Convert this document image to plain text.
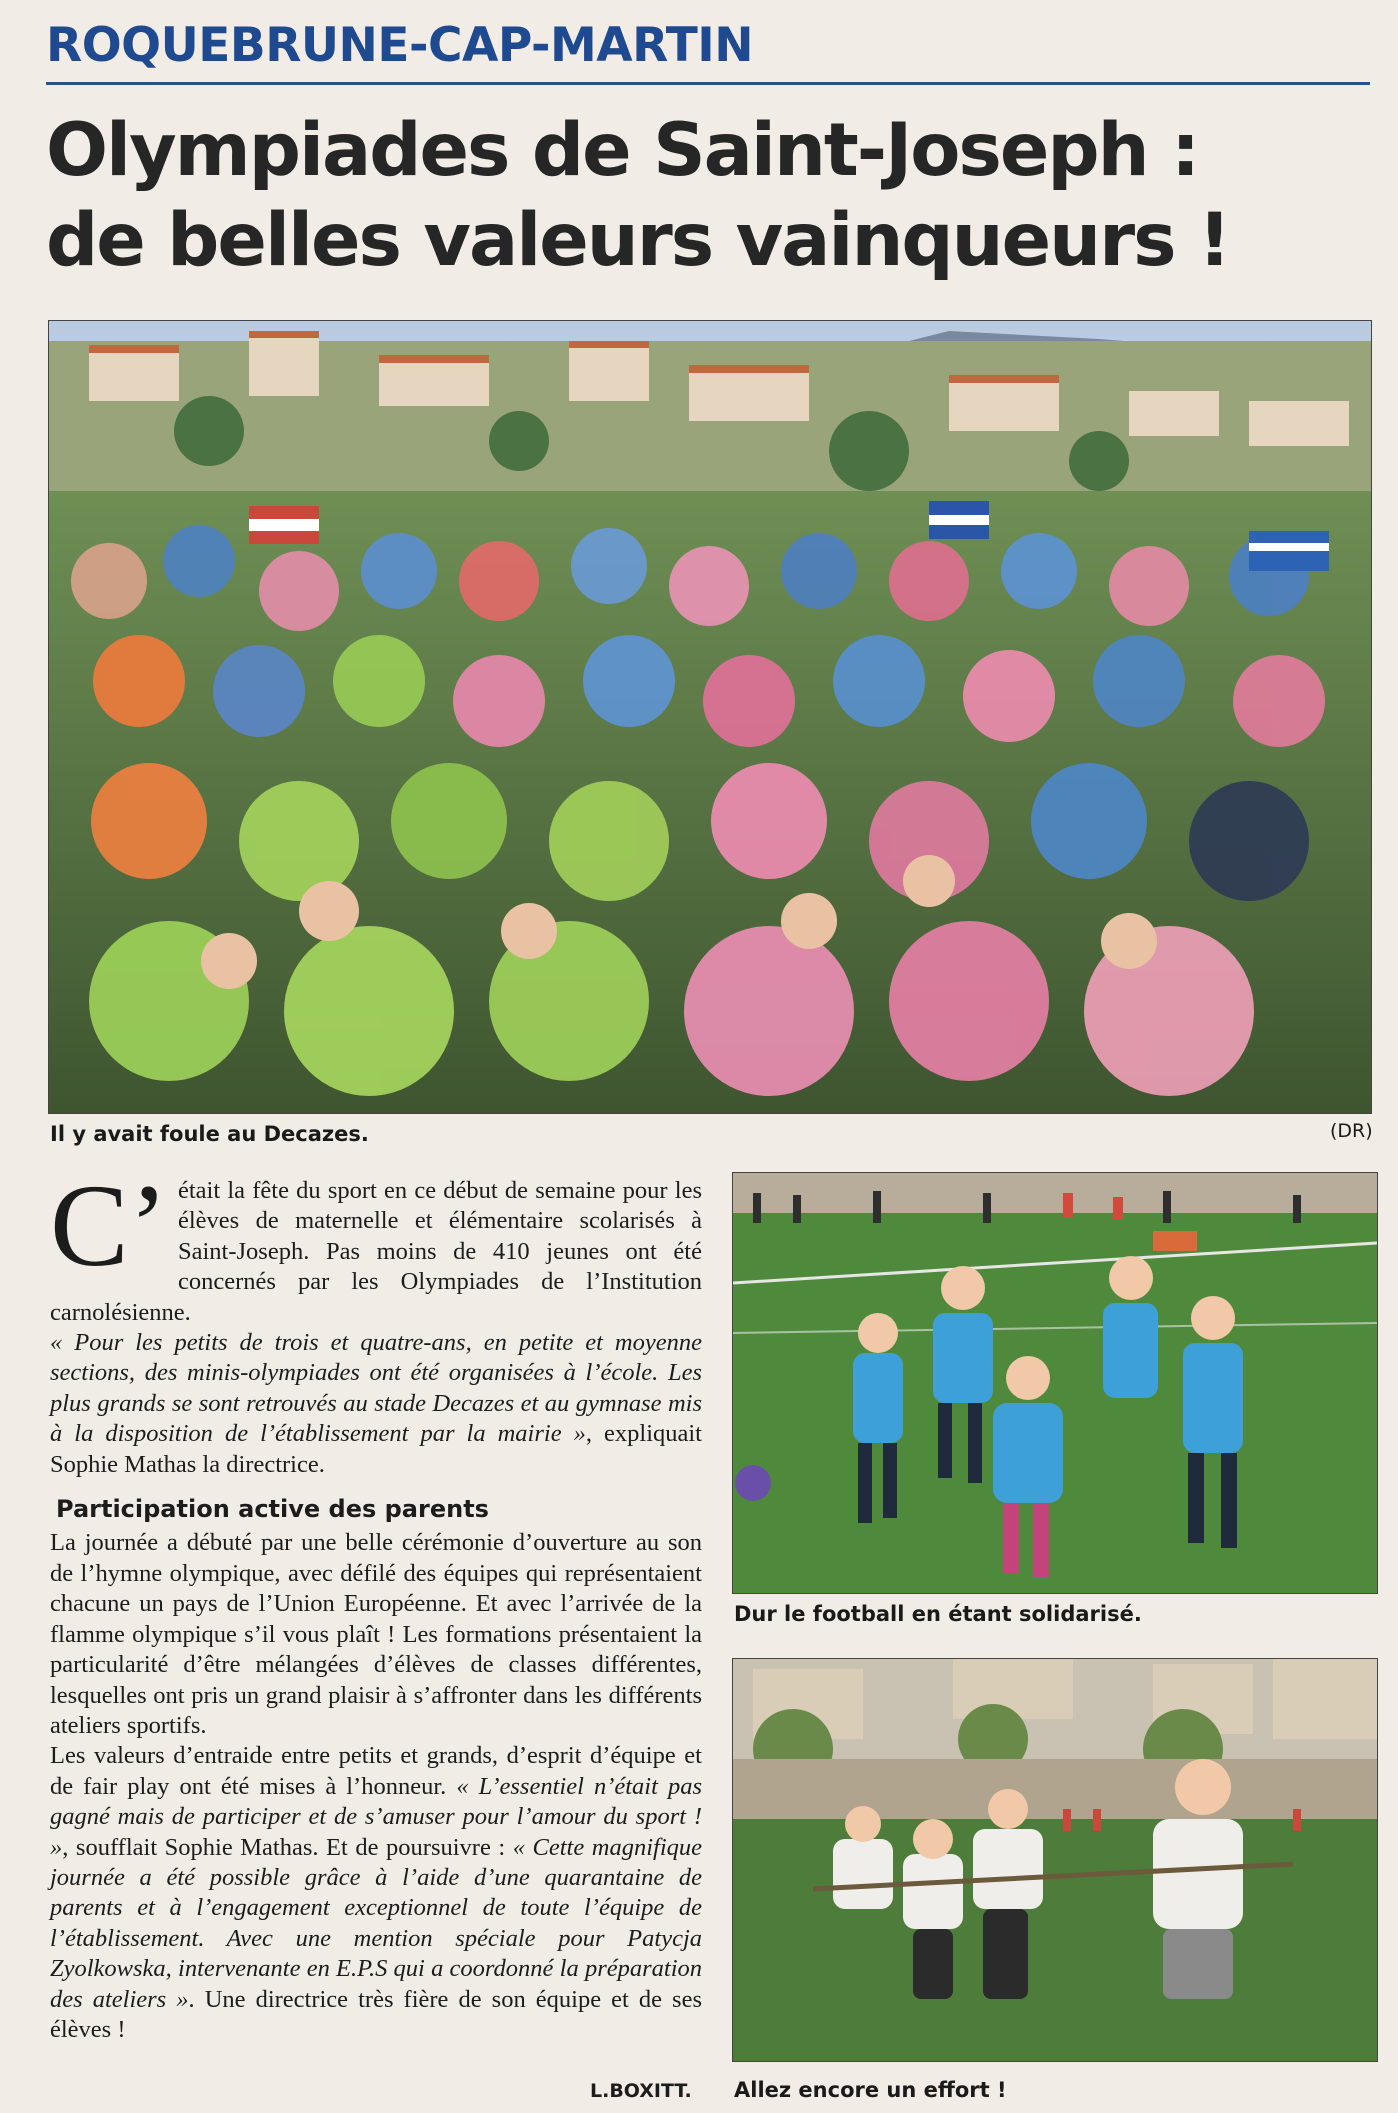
ROQUEBRUNE-CAP-MARTIN
Olympiades de Saint-Joseph :
de belles valeurs vainqueurs !
Il y avait foule au Decazes.	(DR)

C’était la fête du sport en ce début de semaine pour les élèves de maternelle et élémentaire scolarisés à Saint-Joseph. Pas moins de 410 jeunes ont été concernés par les Olympiades de l’Institution carnolésienne.

« Pour les petits de trois et quatre-ans, en petite et moyenne sections, des minis-olympiades ont été organisées à l’école. Les plus grands se sont retrouvés au stade Decazes et au gymnase mis à la disposition de l’établissement par la mairie », expliquait Sophie Mathas la directrice.

Participation active des parents

La journée a débuté par une belle cérémonie d’ouverture au son de l’hymne olympique, avec défilé des équipes qui représentaient chacune un pays de l’Union Européenne. Et avec l’arrivée de la flamme olympique s’il vous plaît ! Les formations présentaient la particularité d’être mélangées d’élèves de classes différentes, lesquelles ont pris un grand plaisir à s’affronter dans les différents ateliers sportifs.

Les valeurs d’entraide entre petits et grands, d’esprit d’équipe et de fair play ont été mises à l’honneur. « L’essentiel n’était pas gagné mais de participer et de s’amuser pour l’amour du sport ! », soufflait Sophie Mathas. Et de poursuivre : « Cette magnifique journée a été possible grâce à l’aide d’une quarantaine de parents et à l’engagement exceptionnel de toute l’équipe de l’établissement. Avec une mention spéciale pour Patycja Zyolkowska, intervenante en E.P.S qui a coordonné la préparation des ateliers ». Une directrice très fière de son équipe et de ses élèves !

L.BOXITT.
Dur le football en étant solidarisé.
Allez encore un effort !
